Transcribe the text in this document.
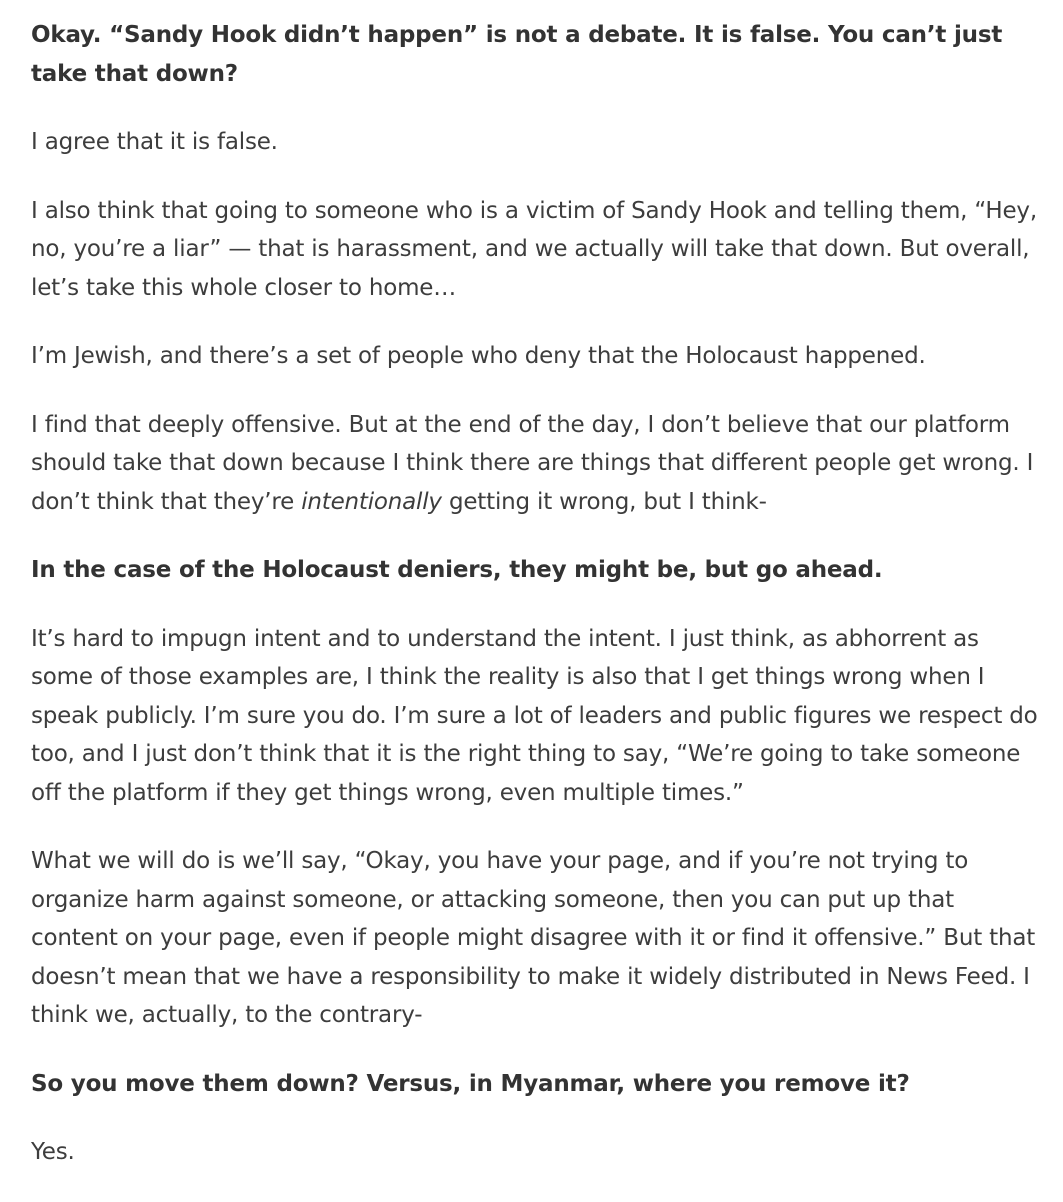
Okay. “Sandy Hook didn’t happen” is not a debate. It is false. You can’t just take that down?

I agree that it is false.

I also think that going to someone who is a victim of Sandy Hook and telling them, “Hey, no, you’re a liar” — that is harassment, and we actually will take that down. But overall, let’s take this whole closer to home…

I’m Jewish, and there’s a set of people who deny that the Holocaust happened.

I find that deeply offensive. But at the end of the day, I don’t believe that our platform should take that down because I think there are things that different people get wrong. I don’t think that they’re intentionally getting it wrong, but I think-

In the case of the Holocaust deniers, they might be, but go ahead.

It’s hard to impugn intent and to understand the intent. I just think, as abhorrent as some of those examples are, I think the reality is also that I get things wrong when I speak publicly. I’m sure you do. I’m sure a lot of leaders and public figures we respect do too, and I just don’t think that it is the right thing to say, “We’re going to take someone off the platform if they get things wrong, even multiple times.”

What we will do is we’ll say, “Okay, you have your page, and if you’re not trying to organize harm against someone, or attacking someone, then you can put up that content on your page, even if people might disagree with it or find it offensive.” But that doesn’t mean that we have a responsibility to make it widely distributed in News Feed. I think we, actually, to the contrary-

So you move them down? Versus, in Myanmar, where you remove it?

Yes.
